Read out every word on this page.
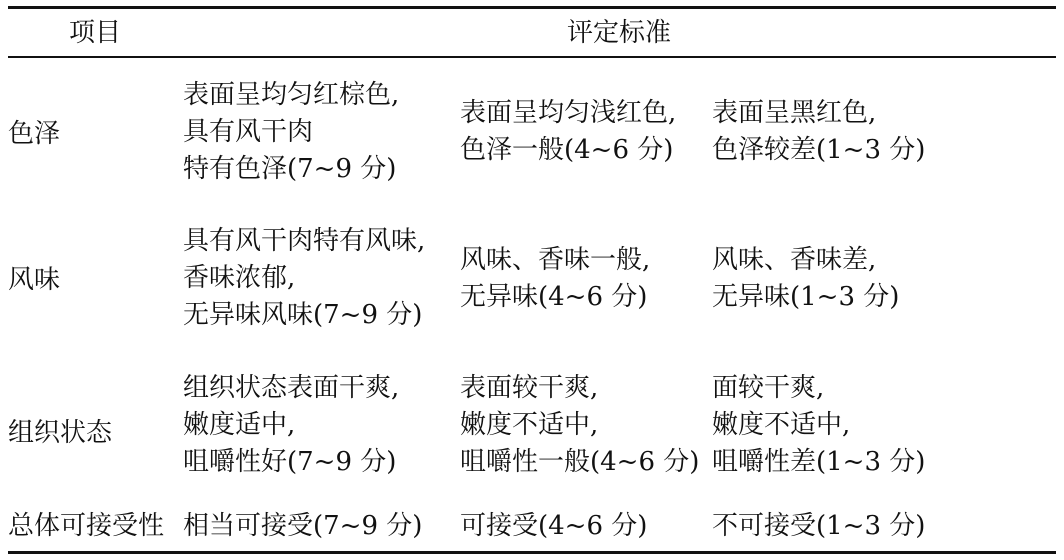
项目	评定标准
色泽
表面呈均匀红棕色,
具有风干肉
特有色泽(7~9 分)
表面呈均匀浅红色,
色泽一般(4~6 分)
表面呈黑红色,
色泽较差(1~3 分)
风味
具有风干肉特有风味,
香味浓郁,
无异味风味(7~9 分)
风味、香味一般,
无异味(4~6 分)
风味、香味差,
无异味(1~3 分)
组织状态
组织状态表面干爽,
嫩度适中,
咀嚼性好(7~9 分)
表面较干爽,
嫩度不适中,
咀嚼性一般(4~6 分)
面较干爽,
嫩度不适中,
咀嚼性差(1~3 分)
总体可接受性 相当可接受(7~9 分) 可接受(4~6 分) 不可接受(1~3 分)
